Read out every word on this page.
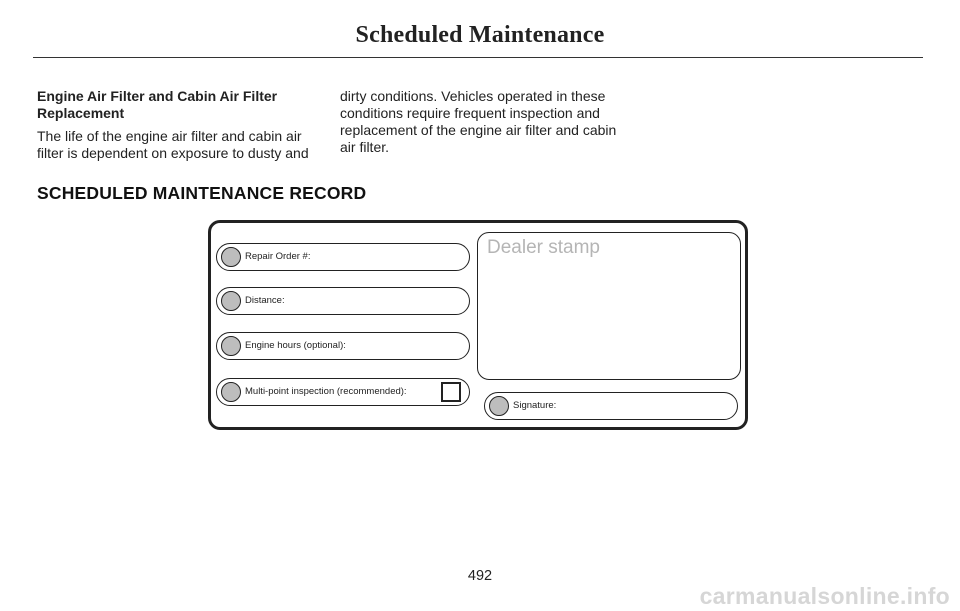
Scheduled Maintenance
Engine Air Filter and Cabin Air Filter Replacement
The life of the engine air filter and cabin air filter is dependent on exposure to dusty and
dirty conditions. Vehicles operated in these conditions require frequent inspection and replacement of the engine air filter and cabin air filter.
SCHEDULED MAINTENANCE RECORD
Repair Order #:
Distance:
Engine hours (optional):
Multi-point inspection (recommended):
Dealer stamp
Signature:
492
carmanualsonline.info
